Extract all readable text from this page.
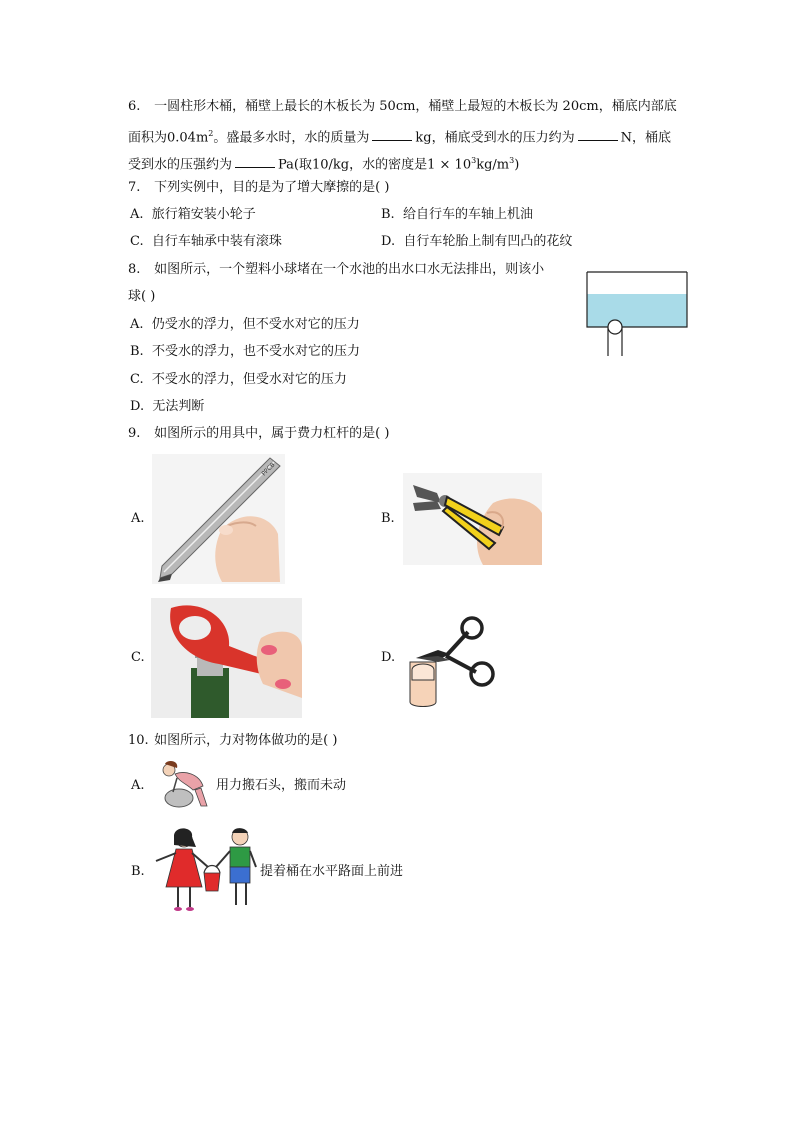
6. 一圆柱形木桶，桶壁上最长的木板长为 50cm，桶壁上最短的木板长为 20cm，桶底内部底
面积为$0.04m^2$。盛最多水时，水的质量为	kg，桶底受到水的压力约为	N，桶底
受到水的压强约为	Pa(取10/kg，水的密度是$1 \times 10^3kg/m^3$)
7. 下列实例中，目的是为了增大摩擦的是( )
A. 旅行箱安装小轮子	B. 给自行车的车轴上机油
C. 自行车轴承中装有滚珠	D. 自行车轮胎上制有凹凸的花纹
8. 如图所示，一个塑料小球堵在一个水池的出水口水无法排出，则该小
球( )
A. 仍受水的浮力，但不受水对它的压力
B. 不受水的浮力，也不受水对它的压力
C. 不受水的浮力，但受水对它的压力
D. 无法判断
9. 如图所示的用具中，属于费力杠杆的是( )
A.
PPCB
B.
C.	D.
10. 如图所示，力对物体做功的是( )
A.	用力搬石头，搬而未动
B.	提着桶在水平路面上前进
